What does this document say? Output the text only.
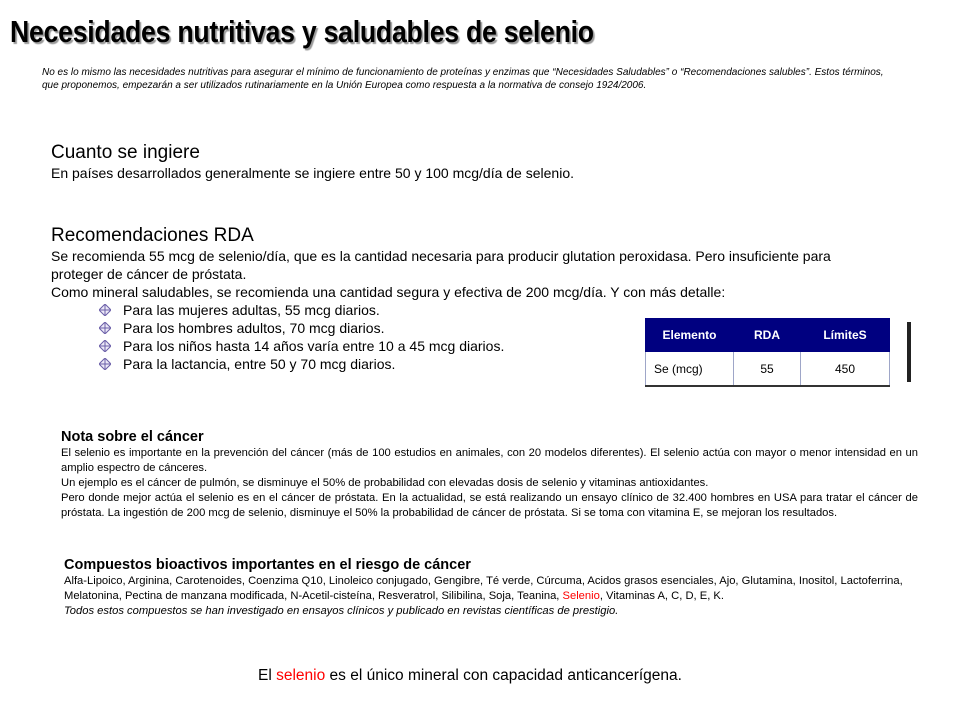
Necesidades nutritivas y saludables de selenio

No es lo mismo las necesidades nutritivas para asegurar el mínimo de funcionamiento de proteínas y enzimas que “Necesidades Saludables” o “Recomendaciones salubles”. Estos términos, que proponemos, empezarán a ser utilizados rutinariamente en la Unión Europea como respuesta a la normativa de consejo 1924/2006.

Cuanto se ingiere

En países desarrollados generalmente se ingiere entre 50 y 100 mcg/día de selenio.

Recomendaciones RDA

Se recomienda 55 mcg de selenio/día, que es la cantidad necesaria para producir glutation peroxidasa. Pero insuficiente para proteger de cáncer de próstata.

Como mineral saludables, se recomienda una cantidad segura y efectiva de 200 mcg/día. Y con más detalle:

Para las mujeres adultas, 55 mcg diarios.
Para los hombres adultos, 70 mcg diarios.
Para los niños hasta 14 años varía entre 10 a 45 mcg diarios.
Para la lactancia, entre 50 y 70 mcg diarios.
Elemento	RDA	LímiteS
Se (mcg)	55	450
Nota sobre el cáncer

El selenio es importante en la prevención del cáncer (más de 100 estudios en animales, con 20 modelos diferentes). El selenio actúa con mayor o menor intensidad en un amplio espectro de cánceres.

Un ejemplo es el cáncer de pulmón, se disminuye el 50% de probabilidad con elevadas dosis de selenio y vitaminas antioxidantes.

Pero donde mejor actúa el selenio es en el cáncer de próstata. En la actualidad, se está realizando un ensayo clínico de 32.400 hombres en USA para tratar el cáncer de próstata. La ingestión de 200 mcg de selenio, disminuye el 50% la probabilidad de cáncer de próstata. Si se toma con vitamina E, se mejoran los resultados.

Compuestos bioactivos importantes en el riesgo de cáncer

Alfa-Lipoico, Arginina, Carotenoides, Coenzima Q10, Linoleico conjugado, Gengibre, Té verde, Cúrcuma, Acidos grasos esenciales, Ajo, Glutamina, Inositol, Lactoferrina, Melatonina, Pectina de manzana modificada, N-Acetil-cisteína, Resveratrol, Silibilina, Soja, Teanina, Selenio, Vitaminas A, C, D, E, K.

Todos estos compuestos se han investigado en ensayos clínicos y publicado en revistas científicas de prestigio.

El selenio es el único mineral con capacidad anticancerígena.
